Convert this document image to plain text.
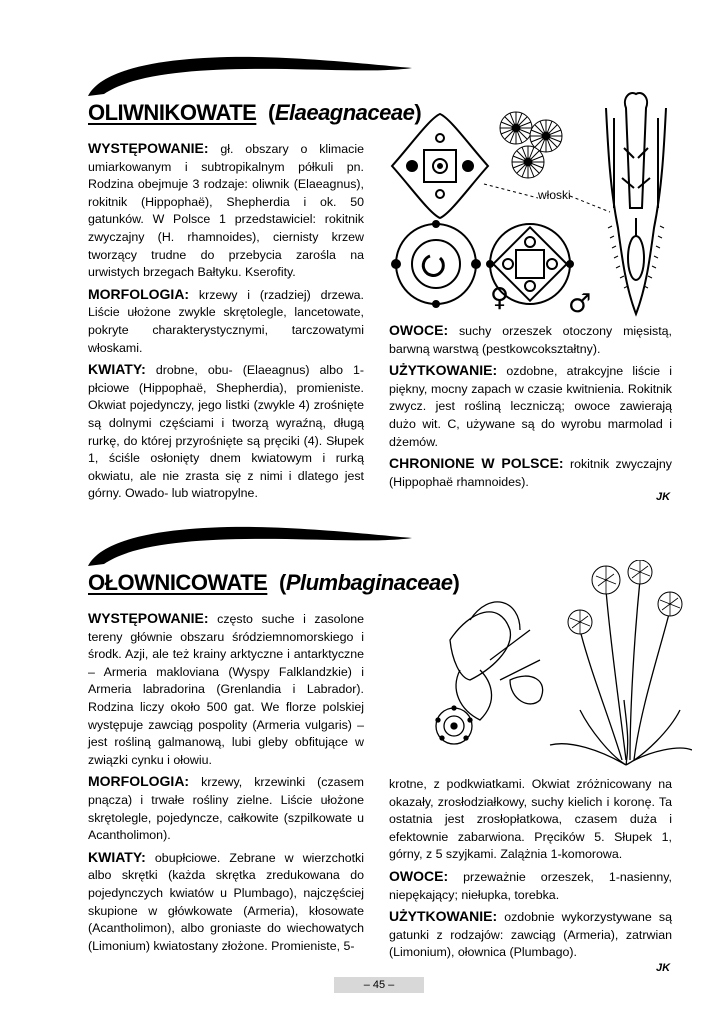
OLIWNIKOWATE (Elaeagnaceae)

WYSTĘPOWANIE: gł. obszary o klimacie umiarkowanym i subtropikalnym półkuli pn. Rodzina obejmuje 3 rodzaje: oliwnik (Elaeagnus), rokitnik (Hippophaë), Shepherdia i ok. 50 gatunków. W Polsce 1 przedstawiciel: rokitnik zwyczajny (H. rhamnoides), ciernisty krzew tworzący trudne do przebycia zarośla na urwistych brzegach Bałtyku. Kserofity.

MORFOLOGIA: krzewy i (rzadziej) drzewa. Liście ułożone zwykle skrętolegle, lancetowate, pokryte charakterystycznymi, tarczowatymi włoskami.

KWIATY: drobne, obu- (Elaeagnus) albo 1-płciowe (Hippophaë, Shepherdia), promieniste. Okwiat pojedynczy, jego listki (zwykle 4) zrośnięte są dolnymi częściami i tworzą wyraźną, długą rurkę, do której przyrośnięte są pręciki (4). Słupek 1, ściśle osłonięty dnem kwiatowym i rurką okwiatu, ale nie zrasta się z nimi i dlatego jest górny. Owado- lub wiatropylne.

♀ ♂
włoski

OWOCE: suchy orzeszek otoczony mięsistą, barwną warstwą (pestkowcokształtny).

UŻYTKOWANIE: ozdobne, atrakcyjne liście i piękny, mocny zapach w czasie kwitnienia. Rokitnik zwycz. jest rośliną leczniczą; owoce zawierają dużo wit. C, używane są do wyrobu marmolad i dżemów.

CHRONIONE W POLSCE: rokitnik zwyczajny (Hippophaë rhamnoides).

JK
OŁOWNICOWATE (Plumbaginaceae)

WYSTĘPOWANIE: często suche i zasolone tereny głównie obszaru śródziemnomorskiego i środk. Azji, ale też krainy arktyczne i antarktyczne – Armeria makloviana (Wyspy Falklandzkie) i Armeria labradorina (Grenlandia i Labrador). Rodzina liczy około 500 gat. We florze polskiej występuje zawciąg pospolity (Armeria vulgaris) – jest rośliną galmanową, lubi gleby obfitujące w związki cynku i ołowiu.

MORFOLOGIA: krzewy, krzewinki (czasem pnącza) i trwałe rośliny zielne. Liście ułożone skrętolegle, pojedyncze, całkowite (szpilkowate u Acantholimon).

KWIATY: obupłciowe. Zebrane w wierzchotki albo skrętki (każda skrętka zredukowana do pojedynczych kwiatów u Plumbago), najczęściej skupione w główkowate (Armeria), kłosowate (Acantholimon), albo groniaste do wiechowatych (Limonium) kwiatostany złożone. Promieniste, 5-

krotne, z podkwiatkami. Okwiat zróżnicowany na okazały, zrosłodziałkowy, suchy kielich i koronę. Ta ostatnia jest zrosłopłatkowa, czasem duża i efektownie zabarwiona. Pręcików 5. Słupek 1, górny, z 5 szyjkami. Zalążnia 1-komorowa.

OWOCE: przeważnie orzeszek, 1-nasienny, niepękający; niełupka, torebka.

UŻYTKOWANIE: ozdobnie wykorzystywane są gatunki z rodzajów: zawciąg (Armeria), zatrwian (Limonium), ołownica (Plumbago).

JK
– 45 –
